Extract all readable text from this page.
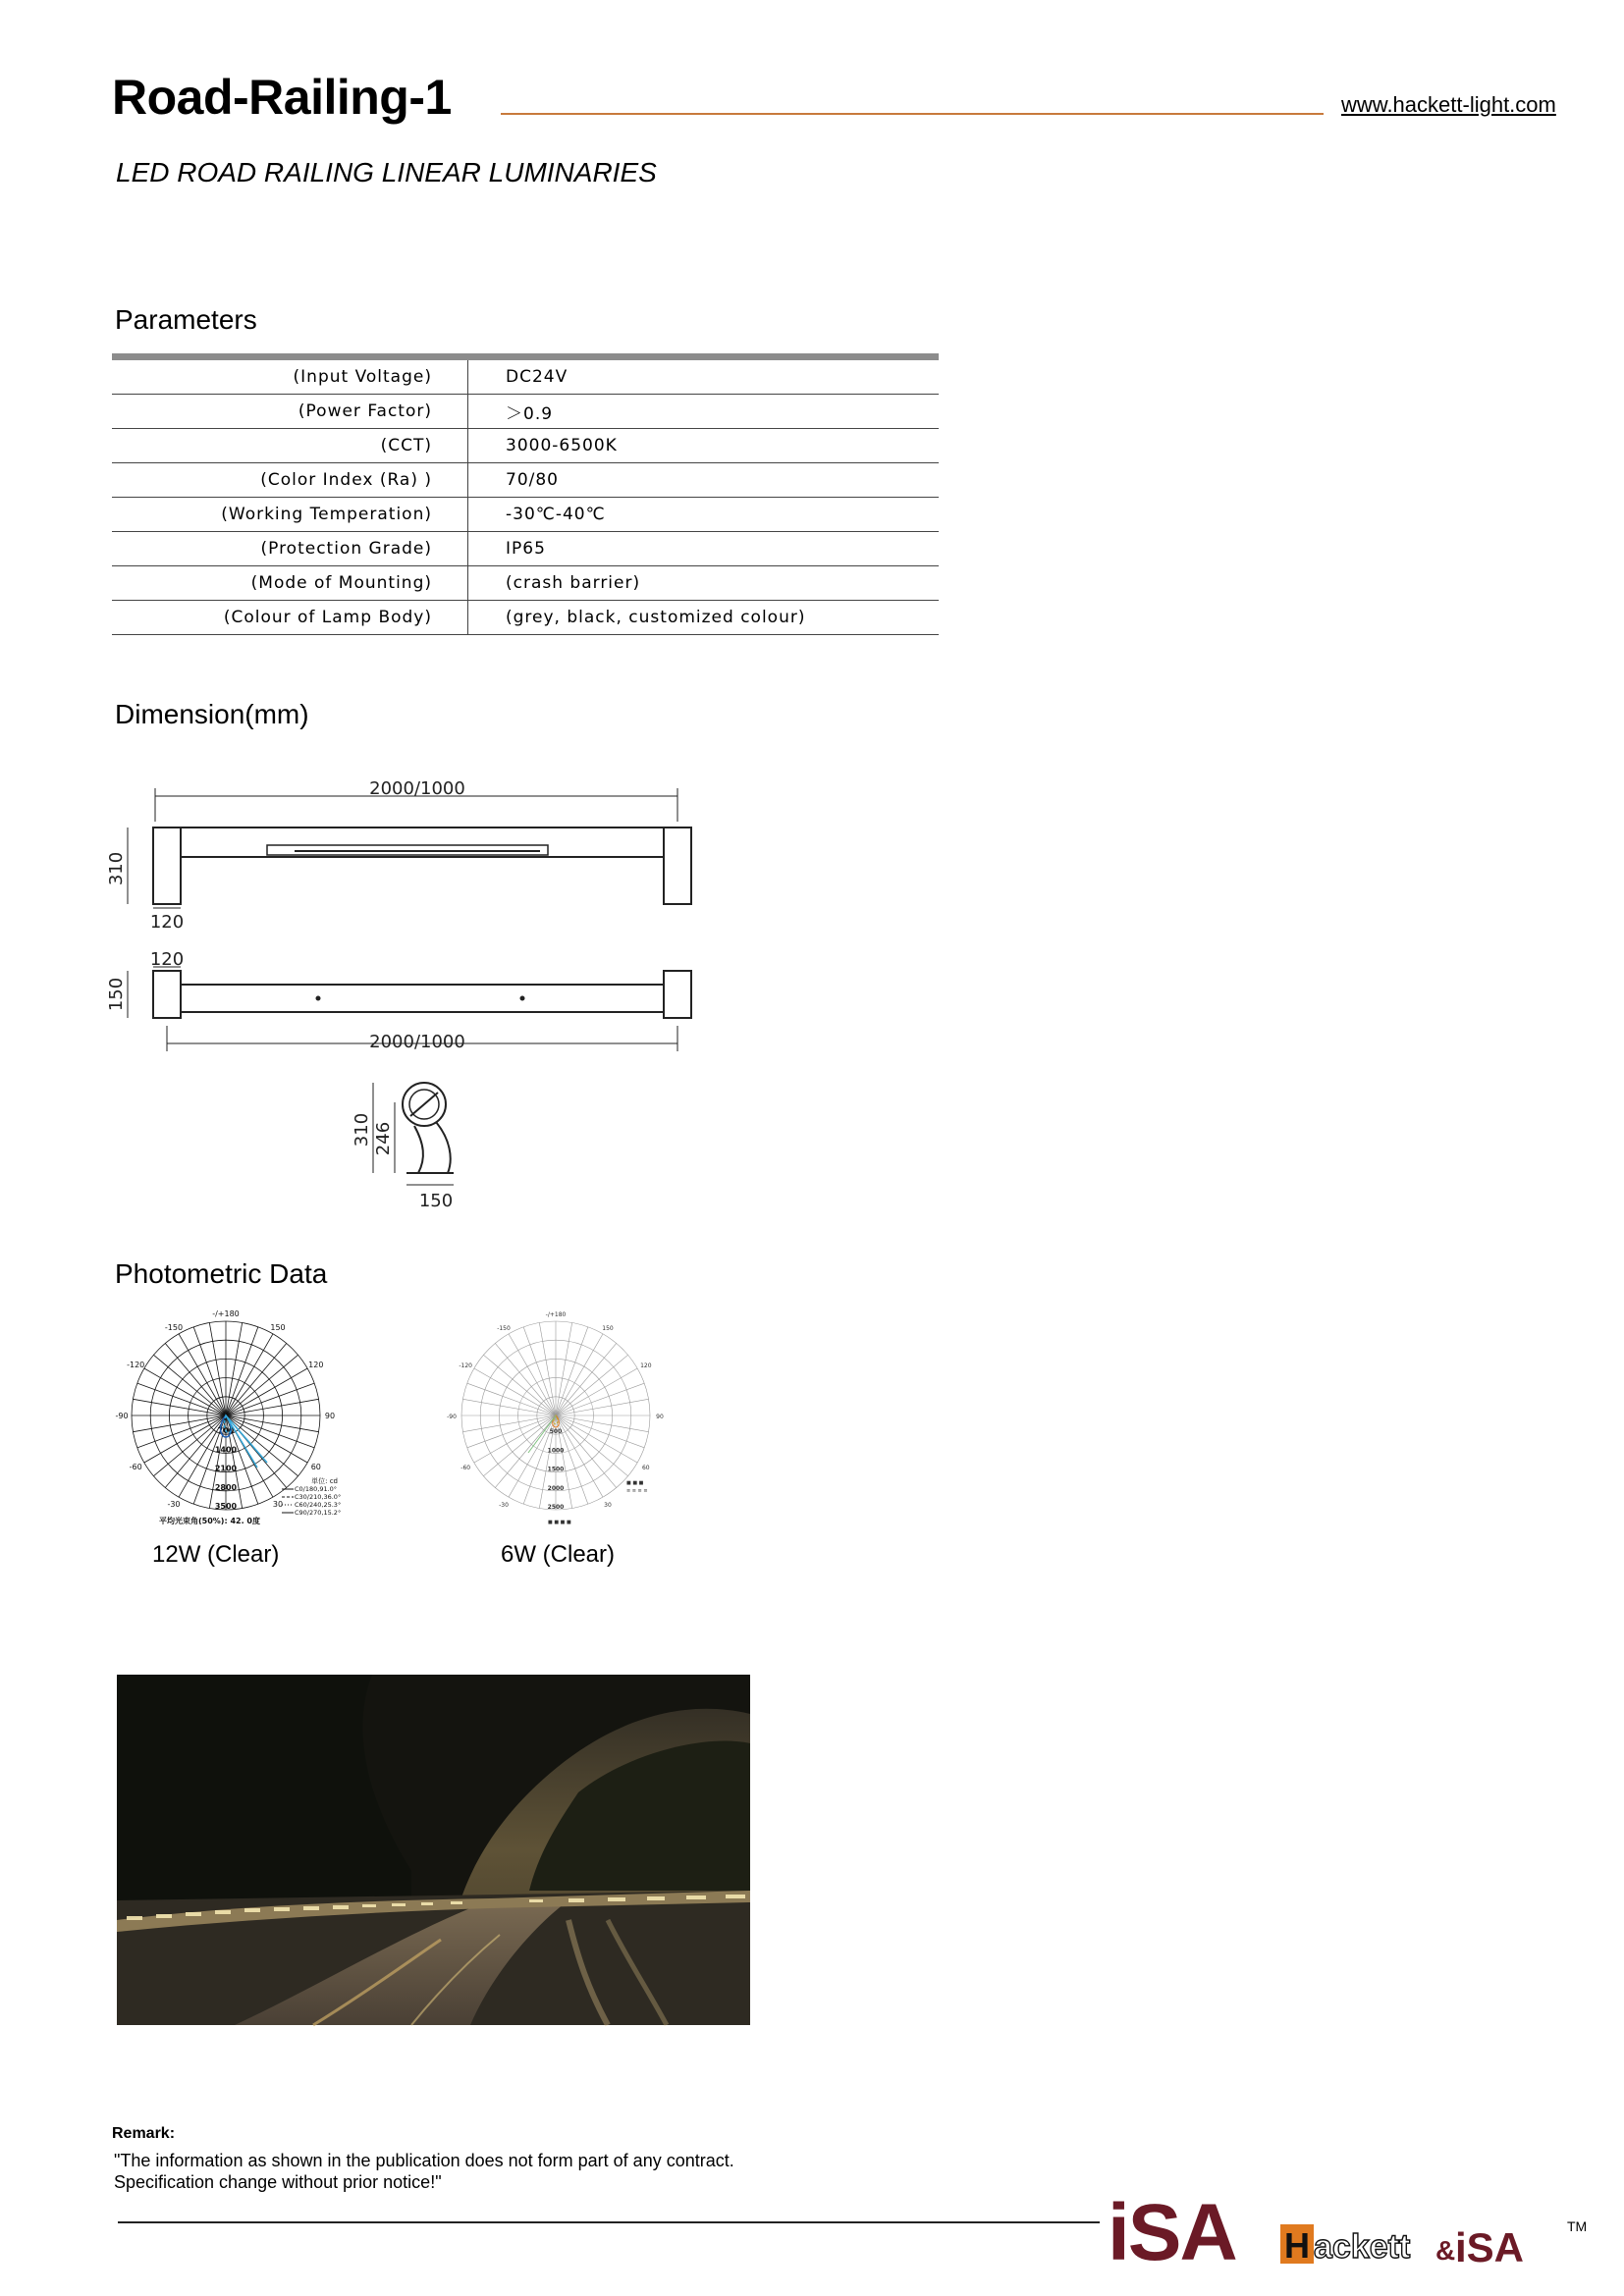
Road-Railing-1	www.hackett-light.com
LED ROAD RAILING LINEAR LUMINARIES
Parameters
(Input Voltage)	DC24V
(Power Factor)	＞0.9
(CCT)	3000-6500K
(Color Index (Ra) )	70/80
(Working Temperation)	-30℃-40℃
(Protection Grade)	IP65
(Mode of Mounting)	(crash barrier)
(Colour of Lamp Body)	(grey, black, customized colour)
Dimension(mm)
2000/1000
310
120
120
150
2000/1000
310 246
150
Photometric Data
-/+180
-150	150
-120	120
-90	90
-60	60
-30	30
700
1400
2100
2800
3500
単位: cd
C0/180,91.0°
C30/210,36.0°
C60/240,25.3°
C90/270,15.2°
平均光束角(50%): 42. 0度
12W (Clear)
-/+180
-150	150
-120	120
-90	90
-60	60
-30	30
500
1000
1500
2000
2500
■ ■ ■
≡ ≡ ≡ ≡
■ ■ ■ ■
6W (Clear)
Remark:
"The information as shown in the publication does not form part of any contract.
Specification change without prior notice!"
iSA H ackett & iSA	TM
